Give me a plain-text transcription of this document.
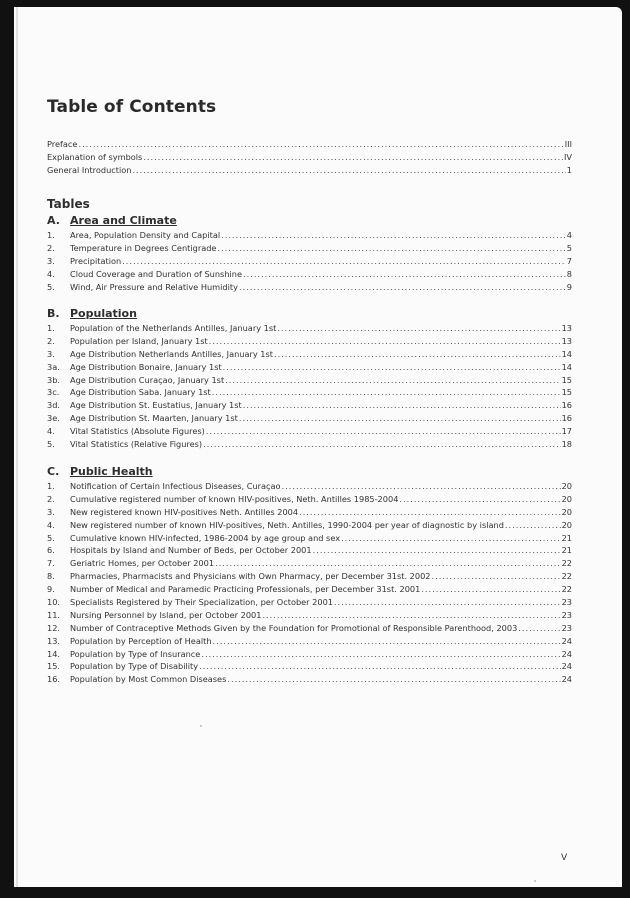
Table of Contents
Preface .....	III
Explanation of symbols .....	IV
General Introduction .....	1
Tables
A. Area and Climate
1.	Area, Population Density and Capital .....	4
2.	Temperature in Degrees Centigrade .....	5
3.	Precipitation .....	7
4.	Cloud Coverage and Duration of Sunshine .....	8
5.	Wind, Air Pressure and Relative Humidity .....	9
B. Population
1.	Population of the Netherlands Antilles, January 1st .....	13
2.	Population per Island, January 1st .....	13
3.	Age Distribution Netherlands Antilles, January 1st .....	14
3a.	Age Distribution Bonaire, January 1st .....	14
3b.	Age Distribution Curaçao, January 1st .....	15
3c.	Age Distribution Saba. January 1st .....	15
3d.	Age Distribution St. Eustatius, January 1st .....	16
3e.	Age Distribution St. Maarten, January 1st .....	16
4.	Vital Statistics (Absolute Figures) .....	17
5.	Vital Statistics (Relative Figures) .....	18
C. Public Health
1.	Notification of Certain Infectious Diseases, Curaçao .....	20
2.	Cumulative registered number of known HIV-positives, Neth. Antilles 1985-2004 .....	20
3.	New registered known HIV-positives Neth. Antilles 2004 .....	20
4.	New registered number of known HIV-positives, Neth. Antilles, 1990-2004 per year of diagnostic by island .....	20
5.	Cumulative known HIV-infected, 1986-2004 by age group and sex .....	21
6.	Hospitals by Island and Number of Beds, per October 2001 .....	21
7.	Geriatric Homes, per October 2001 .....	22
8.	Pharmacies, Pharmacists and Physicians with Own Pharmacy, per December 31st. 2002 .....	22
9.	Number of Medical and Paramedic Practicing Professionals, per December 31st. 2001 .....	22
10.	Specialists Registered by Their Specialization, per October 2001 .....	23
11.	Nursing Personnel by Island, per October 2001 .....	23
12.	Number of Contraceptive Methods Given by the Foundation for Promotional of Responsible Parenthood, 2003 .....	23
13.	Population by Perception of Health .....	24
14.	Population by Type of Insurance .....	24
15.	Population by Type of Disability .....	24
16.	Population by Most Common Diseases .....	24
V
